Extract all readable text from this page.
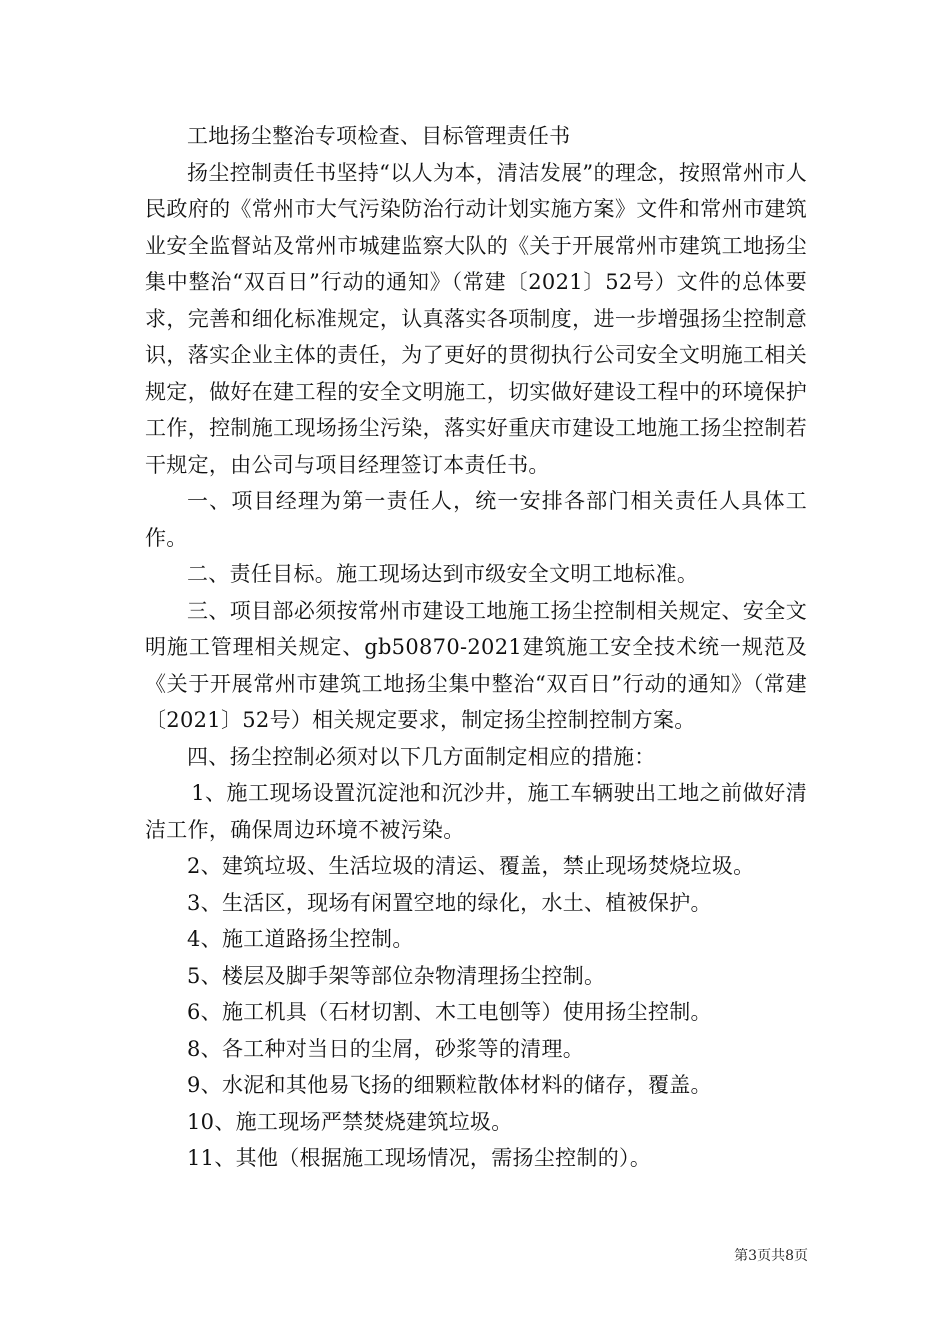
工地扬尘整治专项检查、目标管理责任书

扬尘控制责任书坚持“以人为本，清洁发展”的理念，按照常州市人民政府的《常州市大气污染防治行动计划实施方案》文件和常州市建筑业安全监督站及常州市城建监察大队的《关于开展常州市建筑工地扬尘集中整治“双百日”行动的通知》（常建〔2021〕52号）文件的总体要求，完善和细化标准规定，认真落实各项制度，进一步增强扬尘控制意识，落实企业主体的责任，为了更好的贯彻执行公司安全文明施工相关规定，做好在建工程的安全文明施工，切实做好建设工程中的环境保护工作，控制施工现场扬尘污染，落实好重庆市建设工地施工扬尘控制若干规定，由公司与项目经理签订本责任书。

一、项目经理为第一责任人，统一安排各部门相关责任人具体工作。

二、责任目标。施工现场达到市级安全文明工地标准。

三、项目部必须按常州市建设工地施工扬尘控制相关规定、安全文明施工管理相关规定、gb50870-2021建筑施工安全技术统一规范及《关于开展常州市建筑工地扬尘集中整治“双百日”行动的通知》（常建〔2021〕52号）相关规定要求，制定扬尘控制控制方案。

四、扬尘控制必须对以下几方面制定相应的措施：

1、施工现场设置沉淀池和沉沙井，施工车辆驶出工地之前做好清洁工作，确保周边环境不被污染。

2、建筑垃圾、生活垃圾的清运、覆盖，禁止现场焚烧垃圾。

3、生活区，现场有闲置空地的绿化，水土、植被保护。

4、施工道路扬尘控制。

5、楼层及脚手架等部位杂物清理扬尘控制。

6、施工机具（石材切割、木工电刨等）使用扬尘控制。

8、各工种对当日的尘屑，砂浆等的清理。

9、水泥和其他易飞扬的细颗粒散体材料的储存，覆盖。

10、施工现场严禁焚烧建筑垃圾。

11、其他（根据施工现场情况，需扬尘控制的）。

第3页共8页
